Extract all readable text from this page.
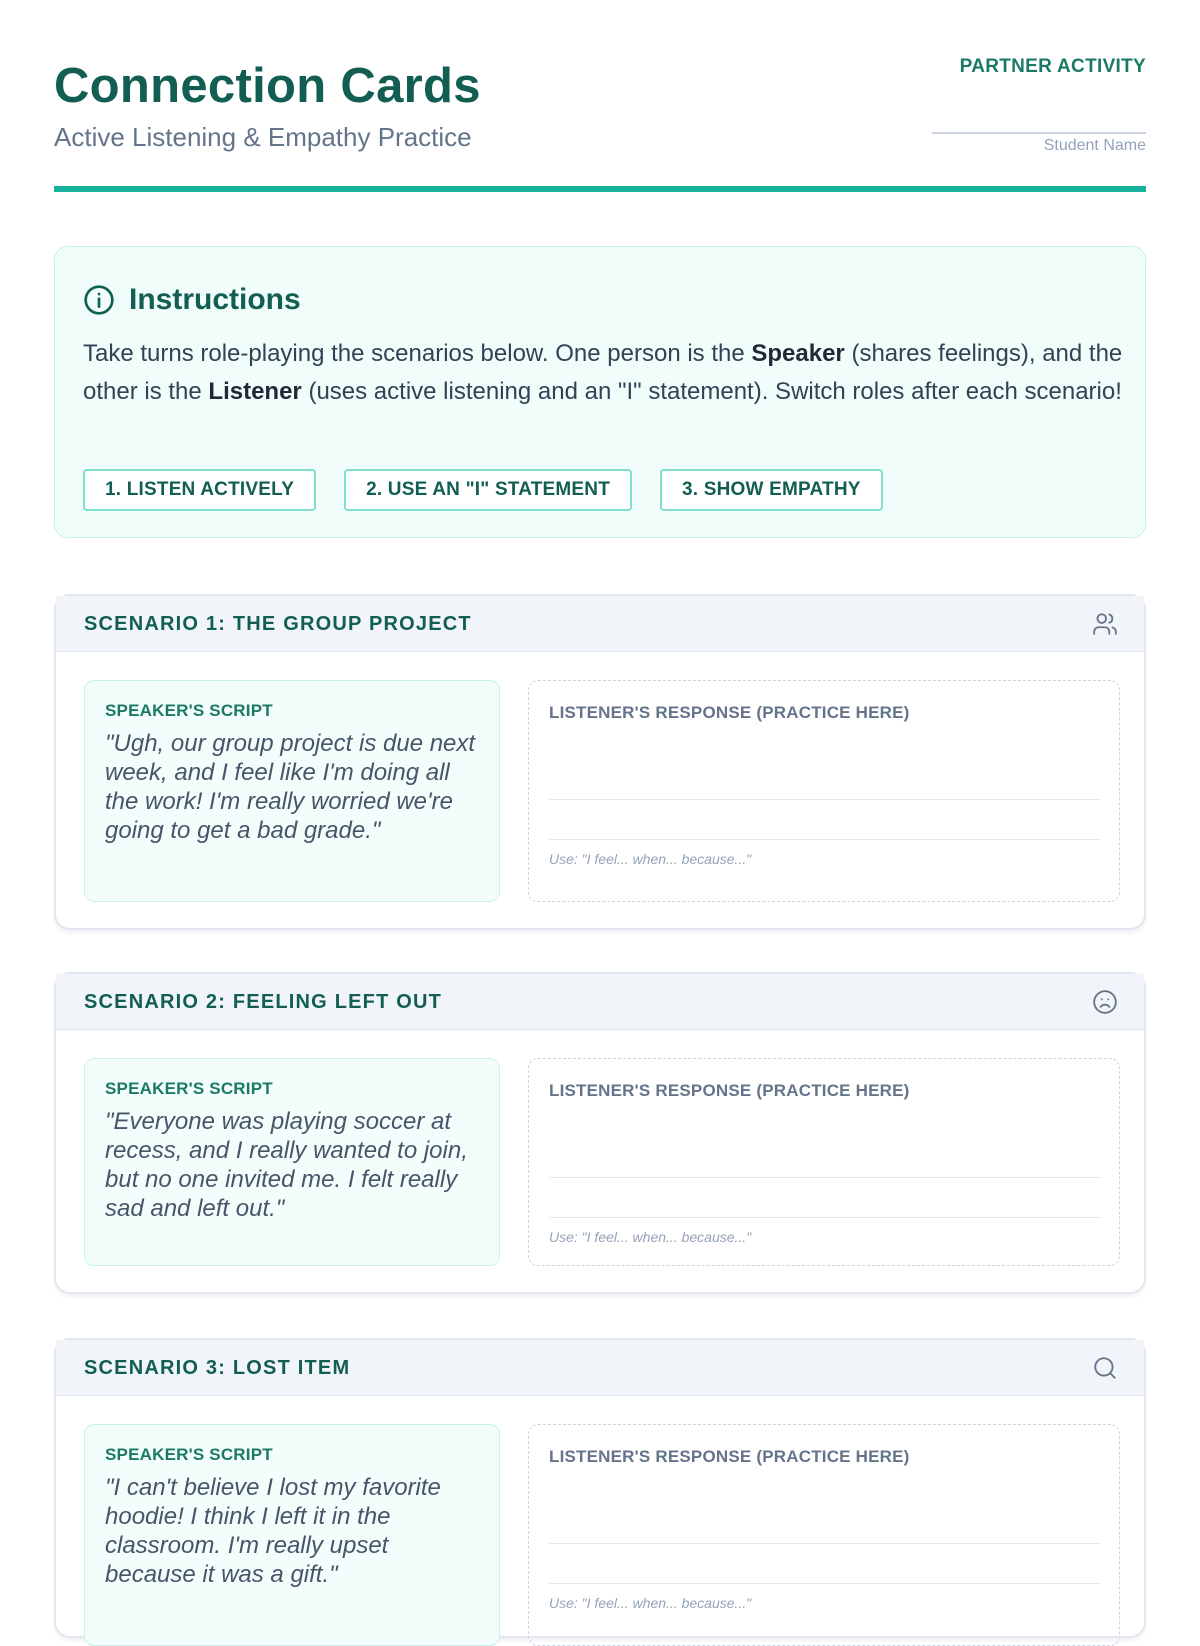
Connection Cards
Active Listening & Empathy Practice
PARTNER ACTIVITY
Student Name
Instructions
Take turns role-playing the scenarios below. One person is the Speaker (shares feelings), and the other is the Listener (uses active listening and an "I" statement). Switch roles after each scenario!
1. LISTEN ACTIVELY	2. USE AN "I" STATEMENT	3. SHOW EMPATHY
SCENARIO 1: THE GROUP PROJECT
SPEAKER'S SCRIPT
"Ugh, our group project is due next week, and I feel like I'm doing all the work! I'm really worried we're going to get a bad grade."
LISTENER'S RESPONSE (PRACTICE HERE)
Use: "I feel... when... because..."
SCENARIO 2: FEELING LEFT OUT
SPEAKER'S SCRIPT
"Everyone was playing soccer at recess, and I really wanted to join, but no one invited me. I felt really sad and left out."
LISTENER'S RESPONSE (PRACTICE HERE)
Use: "I feel... when... because..."
SCENARIO 3: LOST ITEM
SPEAKER'S SCRIPT
"I can't believe I lost my favorite hoodie! I think I left it in the classroom. I'm really upset because it was a gift."
LISTENER'S RESPONSE (PRACTICE HERE)
Use: "I feel... when... because..."
